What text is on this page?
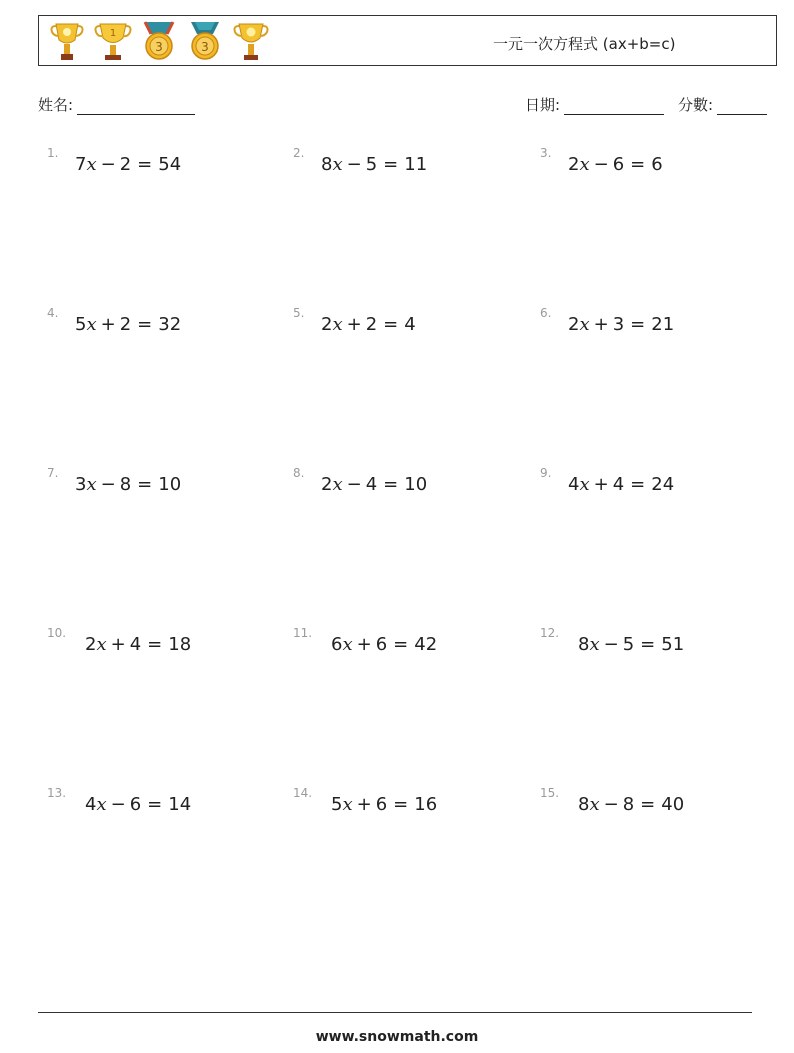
1
3	3	一元一次方程式 (ax+b=c)
姓名:	日期:	分數:
1.
7x − 2 = 54
2.
8x − 5 = 11
3.
2x − 6 = 6
4.
5x + 2 = 32
5.
2x + 2 = 4
6.
2x + 3 = 21
7.
3x − 8 = 10
8.
2x − 4 = 10
9.
4x + 4 = 24
10.
2x + 4 = 18
11.
6x + 6 = 42
12.
8x − 5 = 51
13.
4x − 6 = 14
14.
5x + 6 = 16
15.
8x − 8 = 40
www.snowmath.com
